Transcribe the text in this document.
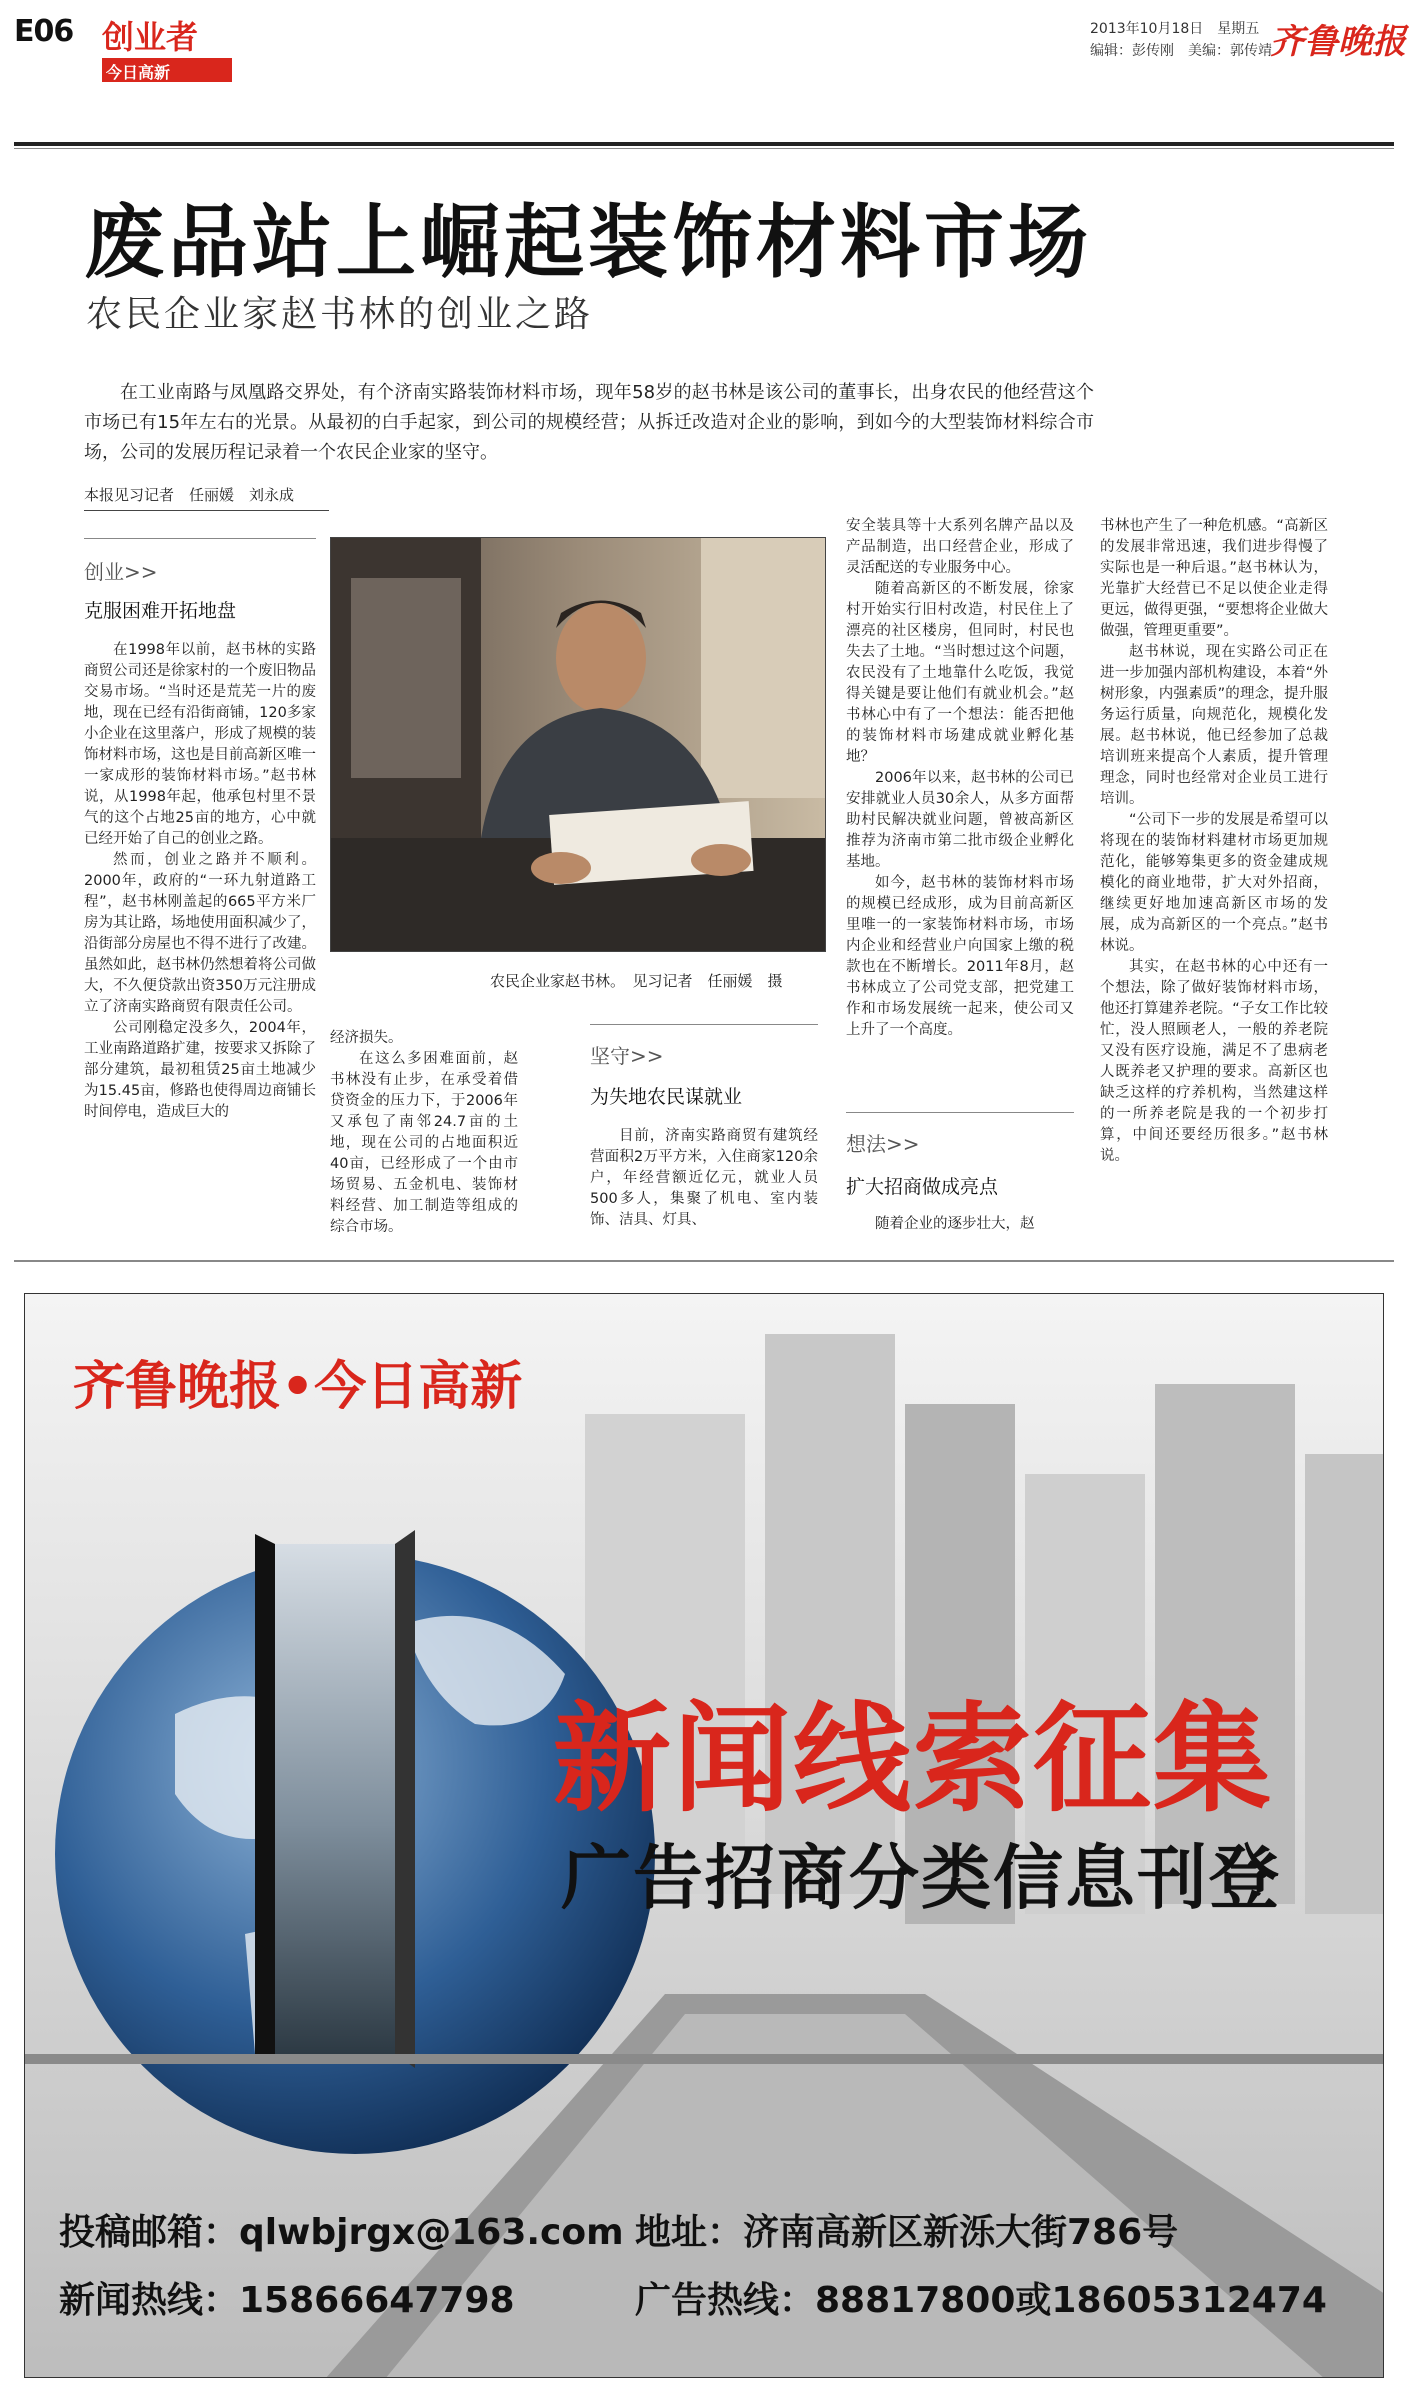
E06 创业者
今日高新
2013年10月18日　星期五
编辑：彭传刚　美编：郭传靖
齐鲁晚报
废品站上崛起装饰材料市场
农民企业家赵书林的创业之路

在工业南路与凤凰路交界处，有个济南实路装饰材料市场，现年58岁的赵书林是该公司的董事长，出身农民的他经营这个市场已有15年左右的光景。从最初的白手起家，到公司的规模经营；从拆迁改造对企业的影响，到如今的大型装饰材料综合市场，公司的发展历程记录着一个农民企业家的坚守。

本报见习记者　任丽媛　刘永成
创业>>
克服困难开拓地盘

在1998年以前，赵书林的实路商贸公司还是徐家村的一个废旧物品交易市场。“当时还是荒芜一片的废地，现在已经有沿街商铺，120多家小企业在这里落户，形成了规模的装饰材料市场，这也是目前高新区唯一一家成形的装饰材料市场。”赵书林说，从1998年起，他承包村里不景气的这个占地25亩的地方，心中就已经开始了自己的创业之路。

然而，创业之路并不顺利。2000年，政府的“一环九射道路工程”，赵书林刚盖起的665平方米厂房为其让路，场地使用面积减少了，沿街部分房屋也不得不进行了改建。虽然如此，赵书林仍然想着将公司做大，不久便贷款出资350万元注册成立了济南实路商贸有限责任公司。

公司刚稳定没多久，2004年，工业南路道路扩建，按要求又拆除了部分建筑，最初租赁25亩土地减少为15.45亩，修路也使得周边商铺长时间停电，造成巨大的

农民企业家赵书林。　见习记者　任丽媛　摄

经济损失。

在这么多困难面前，赵书林没有止步，在承受着借贷资金的压力下，于2006年又承包了南邻24.7亩的土地，现在公司的占地面积近40亩，已经形成了一个由市场贸易、五金机电、装饰材料经营、加工制造等组成的综合市场。

坚守>>
为失地农民谋就业

目前，济南实路商贸有建筑经营面积2万平方米，入住商家120余户，年经营额近亿元，就业人员500多人，集聚了机电、室内装饰、洁具、灯具、

安全装具等十大系列名牌产品以及产品制造，出口经营企业，形成了灵活配送的专业服务中心。

随着高新区的不断发展，徐家村开始实行旧村改造，村民住上了漂亮的社区楼房，但同时，村民也失去了土地。“当时想过这个问题，农民没有了土地靠什么吃饭，我觉得关键是要让他们有就业机会。”赵书林心中有了一个想法：能否把他的装饰材料市场建成就业孵化基地？

2006年以来，赵书林的公司已安排就业人员30余人，从多方面帮助村民解决就业问题，曾被高新区推荐为济南市第二批市级企业孵化基地。

如今，赵书林的装饰材料市场的规模已经成形，成为目前高新区里唯一的一家装饰材料市场，市场内企业和经营业户向国家上缴的税款也在不断增长。2011年8月，赵书林成立了公司党支部，把党建工作和市场发展统一起来，使公司又上升了一个高度。

想法>>
扩大招商做成亮点

随着企业的逐步壮大，赵

书林也产生了一种危机感。“高新区的发展非常迅速，我们进步得慢了实际也是一种后退。”赵书林认为，光靠扩大经营已不足以使企业走得更远，做得更强，“要想将企业做大做强，管理更重要”。

赵书林说，现在实路公司正在进一步加强内部机构建设，本着“外树形象，内强素质”的理念，提升服务运行质量，向规范化，规模化发展。赵书林说，他已经参加了总裁培训班来提高个人素质，提升管理理念，同时也经常对企业员工进行培训。

“公司下一步的发展是希望可以将现在的装饰材料建材市场更加规范化，能够筹集更多的资金建成规模化的商业地带，扩大对外招商，继续更好地加速高新区市场的发展，成为高新区的一个亮点。”赵书林说。

其实，在赵书林的心中还有一个想法，除了做好装饰材料市场，他还打算建养老院。“子女工作比较忙，没人照顾老人，一般的养老院又没有医疗设施，满足不了患病老人既养老又护理的要求。高新区也缺乏这样的疗养机构，当然建这样的一所养老院是我的一个初步打算，中间还要经历很多。”赵书林说。

齐鲁晚报•今日高新
新闻线索征集
广告招商分类信息刊登
投稿邮箱：qlwbjrgx@163.com 地址：济南高新区新泺大街786号
新闻热线：15866647798	广告热线：88817800或18605312474
